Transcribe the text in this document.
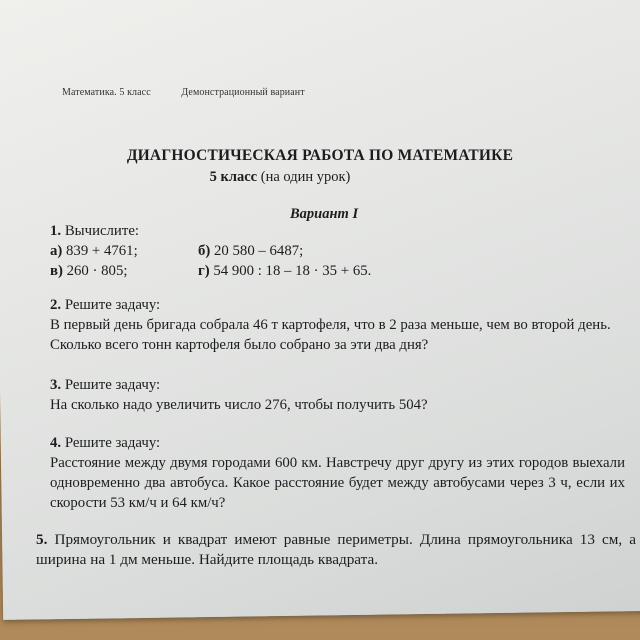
Математика. 5 класс	Демонстрационный вариант
ДИАГНОСТИЧЕСКАЯ РАБОТА ПО МАТЕМАТИКЕ
5 класс (на один урок)
Вариант I
1. Вычислите:
а) 839 + 4761;	б) 20 580 – 6487;
в) 260 · 805;	г) 54 900 : 18 – 18 · 35 + 65.
2. Решите задачу:
В первый день бригада собрала 46 т картофеля, что в 2 раза меньше, чем во второй день. Сколько всего тонн картофеля было собрано за эти два дня?
3. Решите задачу:
На сколько надо увеличить число 276, чтобы получить 504?
4. Решите задачу:
Расстояние между двумя городами 600 км. Навстречу друг другу из этих городов выехали одновременно два автобуса. Какое расстояние будет между автобусами через 3 ч, если их скорости 53 км/ч и 64 км/ч?
5. Прямоугольник и квадрат имеют равные периметры. Длина прямоугольника 13 см, а ширина на 1 дм меньше. Найдите площадь квадрата.
